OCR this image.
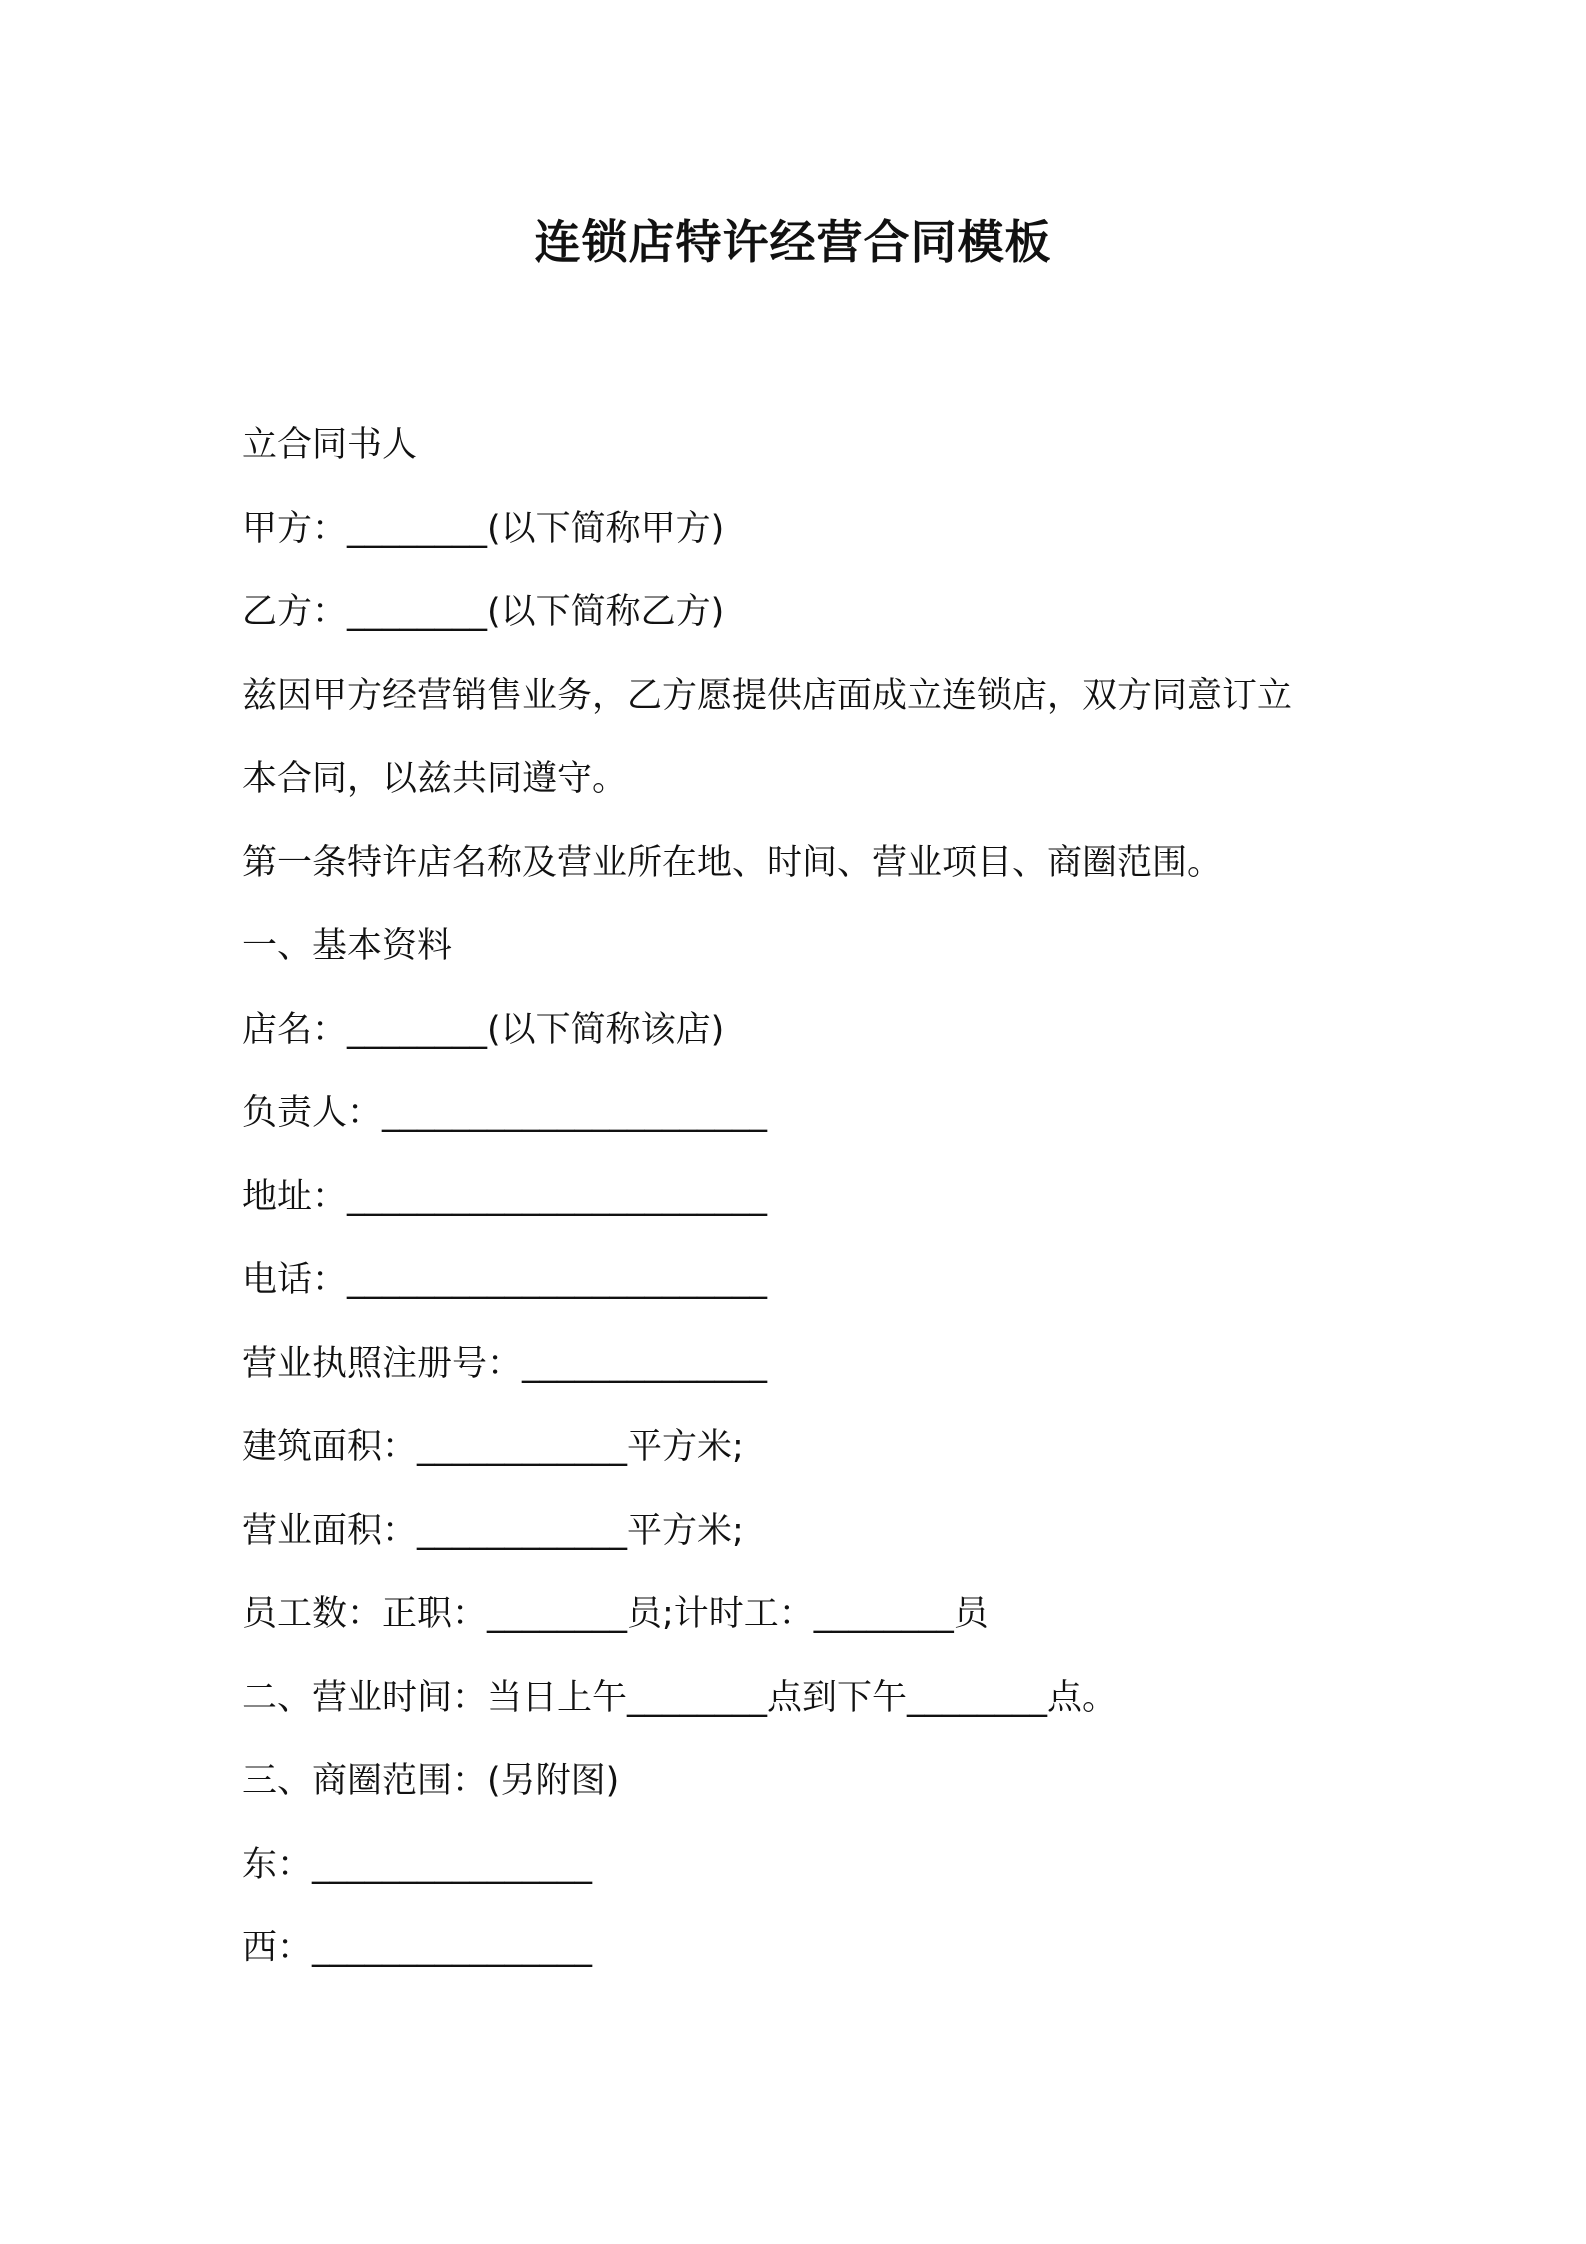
连锁店特许经营合同模板
立合同书人
甲方：________(以下简称甲方)
乙方：________(以下简称乙方)
兹因甲方经营销售业务，乙方愿提供店面成立连锁店，双方同意订立
本合同，以兹共同遵守。
第一条特许店名称及营业所在地、时间、营业项目、商圈范围。
一、基本资料
店名：________(以下简称该店)
负责人：______________________
地址：________________________
电话：________________________
营业执照注册号：______________
建筑面积：____________平方米;
营业面积：____________平方米;
员工数：正职：________员;计时工：________员
二、营业时间：当日上午________点到下午________点。
三、商圈范围：(另附图)
东：________________
西：________________
